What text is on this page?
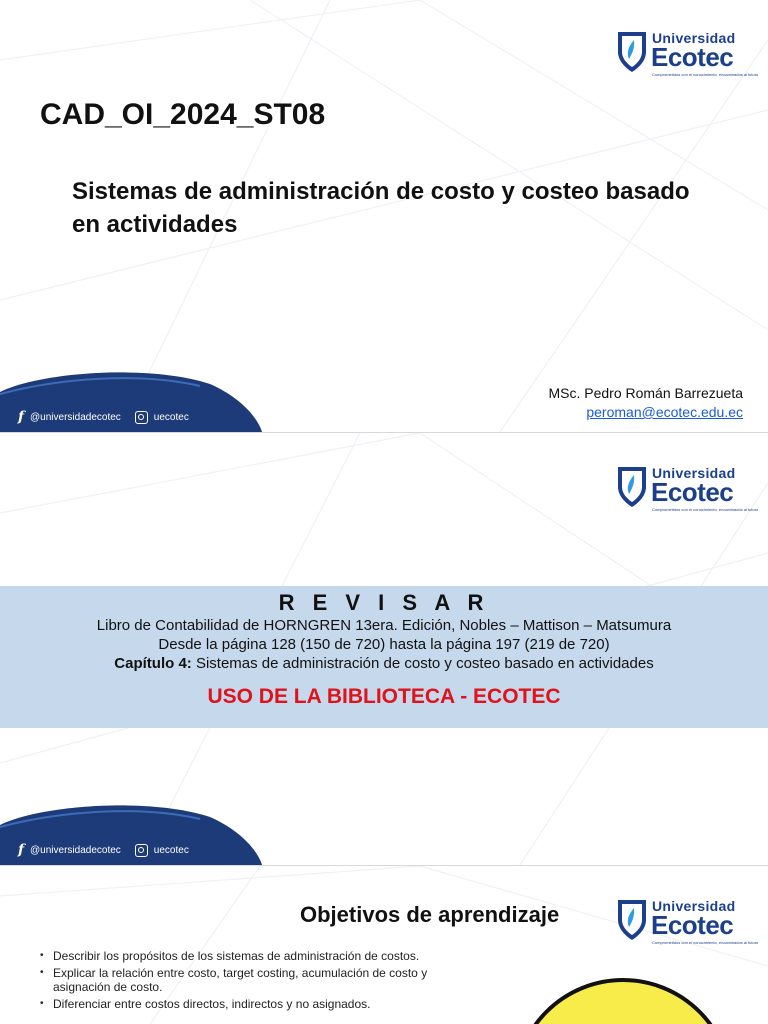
Universidad
Ecotec
Comprometidos con el conocimiento, encaminados al futuro
CAD_OI_2024_ST08
Sistemas de administración de costo y costeo basado en actividades
MSc. Pedro Román Barrezueta
peroman@ecotec.edu.ec
f @universidadecotec	uecotec
Universidad
Ecotec
Comprometidos con el conocimiento, encaminados al futuro
R E V I S A R
Libro de Contabilidad de HORNGREN 13era. Edición, Nobles – Mattison – Matsumura
Desde la página 128 (150 de 720) hasta la página 197 (219 de 720)
Capítulo 4: Sistemas de administración de costo y costeo basado en actividades
USO DE LA BIBLIOTECA - ECOTEC
f @universidadecotec	uecotec
Objetivos de aprendizaje	Universidad
Ecotec
Comprometidos con el conocimiento, encaminados al futuro
• Describir los propósitos de los sistemas de administración de costos.
• Explicar la relación entre costo, target costing, acumulación de costo y asignación de costo.
• Diferenciar entre costos directos, indirectos y no asignados.
